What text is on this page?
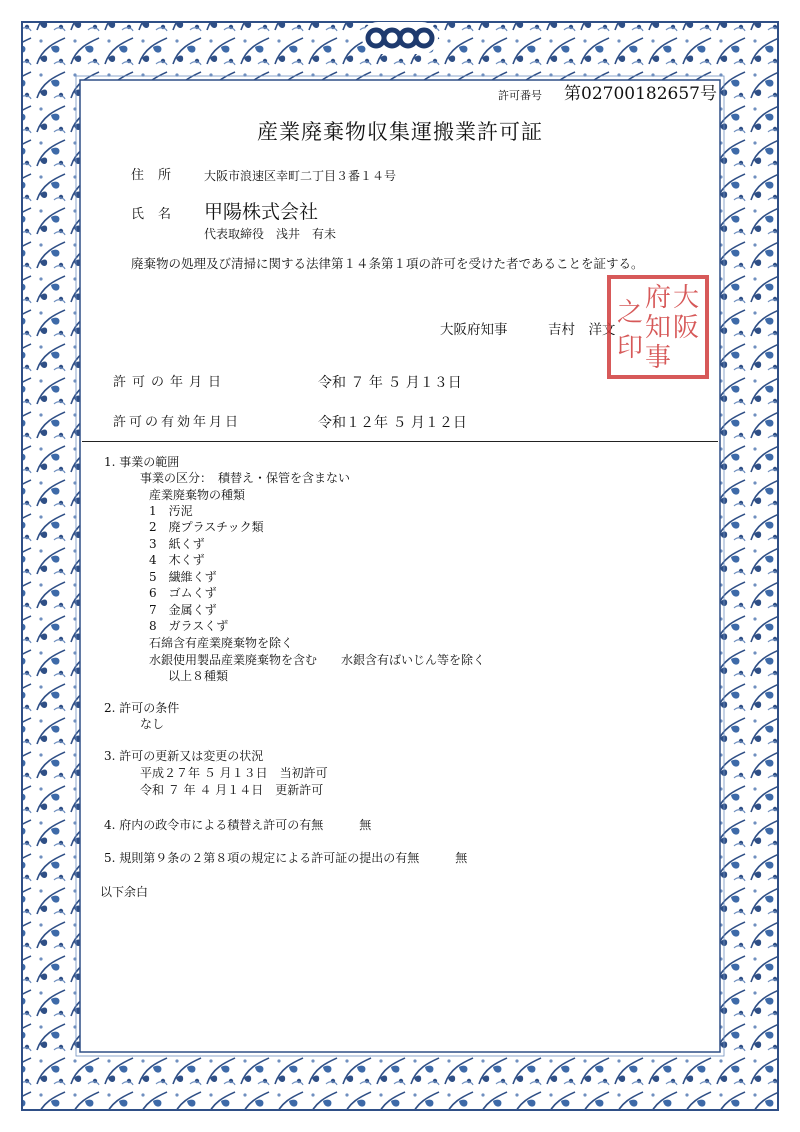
許可番号 第02700182657号
産業廃棄物収集運搬業許可証
住所 大阪市浪速区幸町二丁目３番１４号
氏名 甲陽株式会社
代表取締役　浅井　有未
廃棄物の処理及び清掃に関する法律第１４条第１項の許可を受けた者であることを証する。
大阪府知事　　　吉村　洋文
大
阪
府
知
事
之
印
許可の年月日	令和 ７ 年 ５ 月１３日
許可の有効年月日	令和１２年 ５ 月１２日
1. 事業の範囲
事業の区分：　積替え・保管を含まない
産業廃棄物の種類
1　汚泥
2　廃プラスチック類
3　紙くず
4　木くず
5　繊維くず
6　ゴムくず
7　金属くず
8　ガラスくず
石綿含有産業廃棄物を除く
水銀使用製品産業廃棄物を含む　　水銀含有ばいじん等を除く
以上８種類
2. 許可の条件
なし
3. 許可の更新又は変更の状況
平成２７年 ５ 月１３日　当初許可
令和 ７ 年 ４ 月１４日　更新許可
4. 府内の政令市による積替え許可の有無　　　無
5. 規則第９条の２第８項の規定による許可証の提出の有無　　　無
以下余白
